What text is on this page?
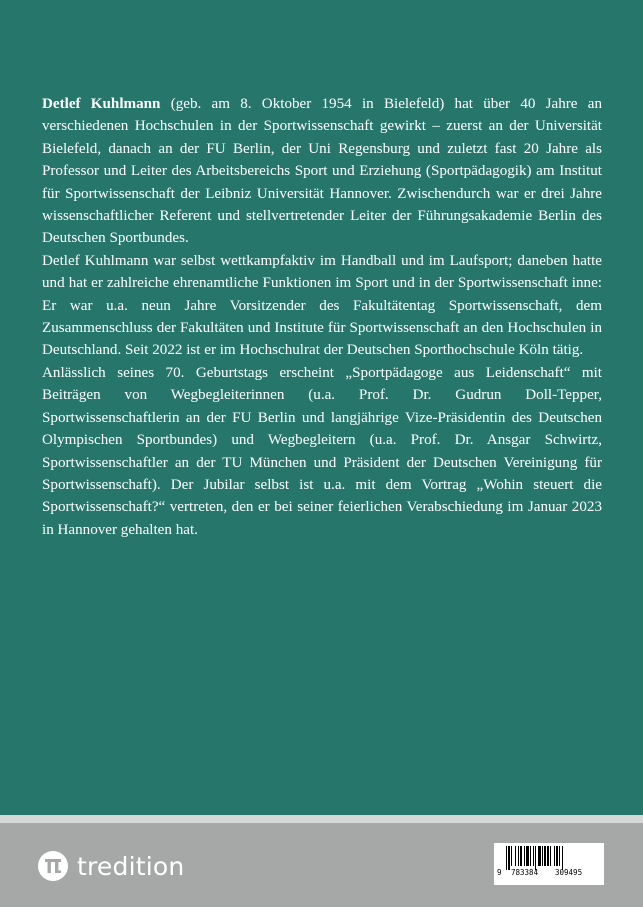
Detlef Kuhlmann (geb. am 8. Oktober 1954 in Bielefeld) hat über 40 Jahre an verschiedenen Hochschulen in der Sportwissenschaft gewirkt – zuerst an der Universität Bielefeld, danach an der FU Berlin, der Uni Regensburg und zuletzt fast 20 Jahre als Professor und Leiter des Arbeitsbereichs Sport und Erziehung (Sportpädagogik) am Institut für Sportwissenschaft der Leibniz Universität Hannover. Zwischendurch war er drei Jahre wissenschaftlicher Referent und stellvertretender Leiter der Führungsakademie Berlin des Deutschen Sportbundes.

Detlef Kuhlmann war selbst wettkampfaktiv im Handball und im Laufsport; daneben hatte und hat er zahlreiche ehrenamtliche Funktionen im Sport und in der Sportwissenschaft inne: Er war u.a. neun Jahre Vorsitzender des Fakultätentag Sportwissenschaft, dem Zusammenschluss der Fakultäten und Institute für Sportwissenschaft an den Hochschulen in Deutschland. Seit 2022 ist er im Hochschulrat der Deutschen Sporthochschule Köln tätig.

Anlässlich seines 70. Geburtstags erscheint „Sportpädagoge aus Leidenschaft“ mit Beiträgen von Wegbegleiterinnen (u.a. Prof. Dr. Gudrun Doll-Tepper, Sportwissenschaftlerin an der FU Berlin und langjährige Vize-Präsidentin des Deutschen Olympischen Sportbundes) und Wegbegleitern (u.a. Prof. Dr. Ansgar Schwirtz, Sportwissenschaftler an der TU München und Präsident der Deutschen Vereinigung für Sportwissenschaft). Der Jubilar selbst ist u.a. mit dem Vortrag „Wohin steuert die Sportwissenschaft?“ vertreten, den er bei seiner feierlichen Verabschiedung im Januar 2023 in Hannover gehalten hat.

tredition	9 783384 309495
